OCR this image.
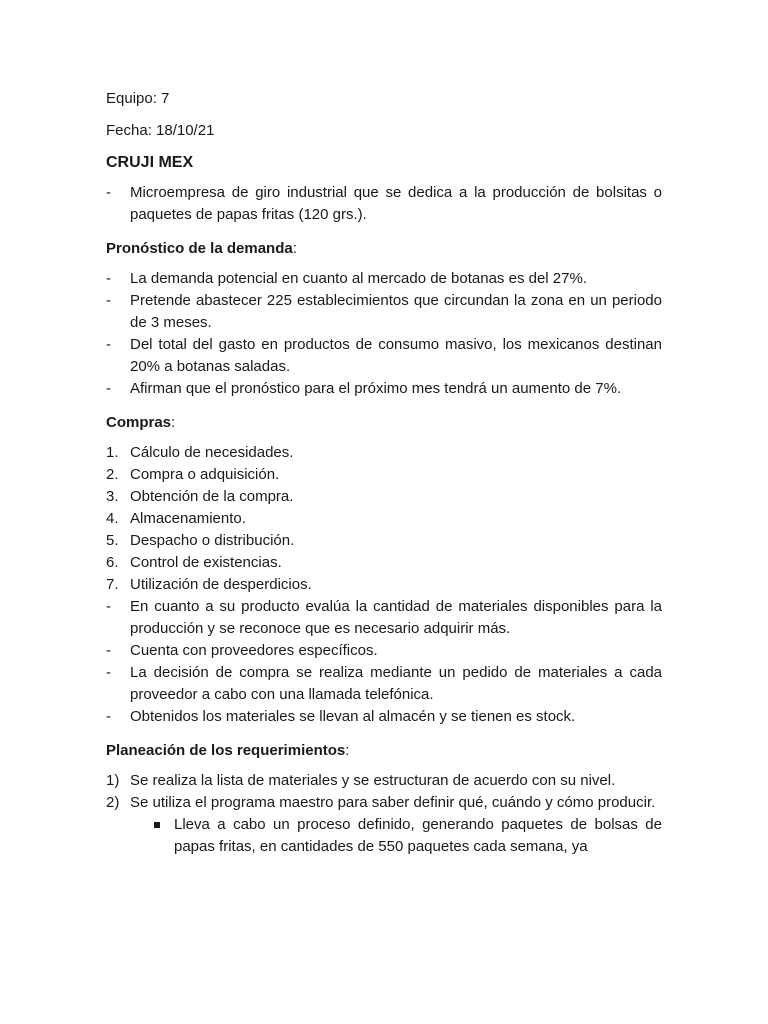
Equipo: 7

Fecha: 18/10/21

CRUJI MEX

-	Microempresa de giro industrial que se dedica a la producción de bolsitas o paquetes de papas fritas (120 grs.).

Pronóstico de la demanda:

-	La demanda potencial en cuanto al mercado de botanas es del 27%.
-	Pretende abastecer 225 establecimientos que circundan la zona en un periodo de 3 meses.
-	Del total del gasto en productos de consumo masivo, los mexicanos destinan 20% a botanas saladas.
-	Afirman que el pronóstico para el próximo mes tendrá un aumento de 7%.

Compras:

1. Cálculo de necesidades.
2. Compra o adquisición.
3. Obtención de la compra.
4. Almacenamiento.
5. Despacho o distribución.
6. Control de existencias.
7. Utilización de desperdicios.
-	En cuanto a su producto evalúa la cantidad de materiales disponibles para la producción y se reconoce que es necesario adquirir más.
-	Cuenta con proveedores específicos.
-	La decisión de compra se realiza mediante un pedido de materiales a cada proveedor a cabo con una llamada telefónica.
-	Obtenidos los materiales se llevan al almacén y se tienen es stock.

Planeación de los requerimientos:

1) Se realiza la lista de materiales y se estructuran de acuerdo con su nivel.
2) Se utiliza el programa maestro para saber definir qué, cuándo y cómo producir.
Lleva a cabo un proceso definido, generando paquetes de bolsas de papas fritas, en cantidades de 550 paquetes cada semana, ya
